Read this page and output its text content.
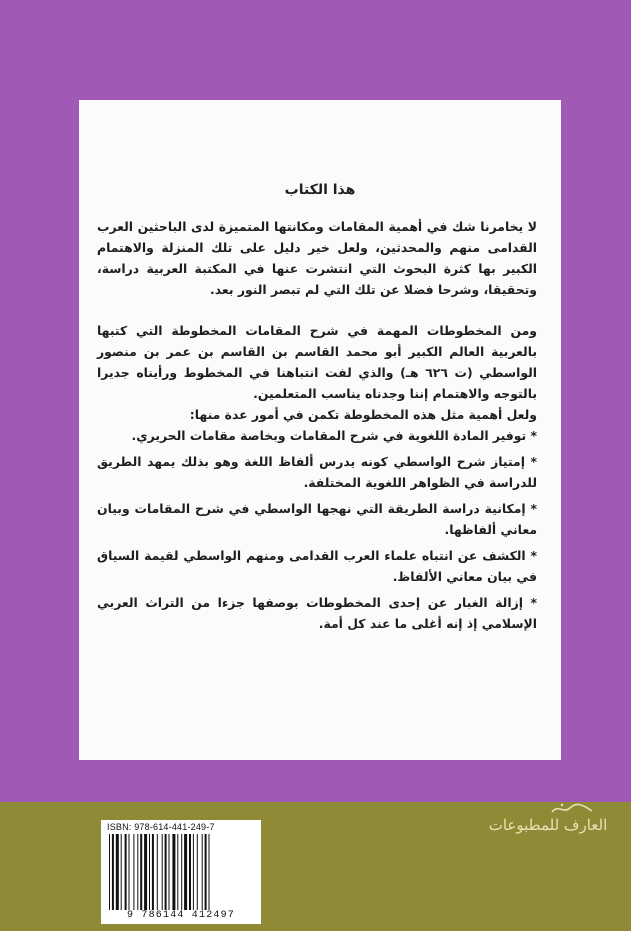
هذا الكتاب

لا يخامرنا شك في أهمية المقامات ومكانتها المتميزة لدى الباحثين العرب القدامى منهم والمحدثين، ولعل خير دليل على تلك المنزلة والاهتمام الكبير بها كثرة البحوث التي انتشرت عنها في المكتبة العربية دراسة، وتحقيقا، وشرحا فضلا عن تلك التي لم تبصر النور بعد.

ومن المخطوطات المهمة في شرح المقامات المخطوطة التي كتبها بالعربية العالم الكبير أبو محمد القاسم بن القاسم بن عمر بن منصور الواسطي (ت ٦٢٦ هـ) والذي لفت انتباهنا في المخطوط ورأيناه جديرا بالتوجه والاهتمام إننا وجدناه يناسب المتعلمين.

ولعل أهمية مثل هذه المخطوطة تكمن في أمور عدة منها:

* توفير المادة اللغوية في شرح المقامات وبخاصة مقامات الحريري.

* إمتياز شرح الواسطي كونه يدرس ألفاظ اللغة وهو بذلك يمهد الطريق للدراسة في الظواهر اللغوية المختلفة.

* إمكانية دراسة الطريقة التي نهجها الواسطي في شرح المقامات وبيان معاني ألفاظها.

* الكشف عن انتباه علماء العرب القدامى ومنهم الواسطي لقيمة السياق في بيان معاني الألفاظ.

* إزالة الغبار عن إحدى المخطوطات بوصفها جزءا من التراث العربي الإسلامي إذ إنه أغلى ما عند كل أمة.

ISBN: 978-614-441-249-7
9 786144 412497
العارف للمطبوعات
